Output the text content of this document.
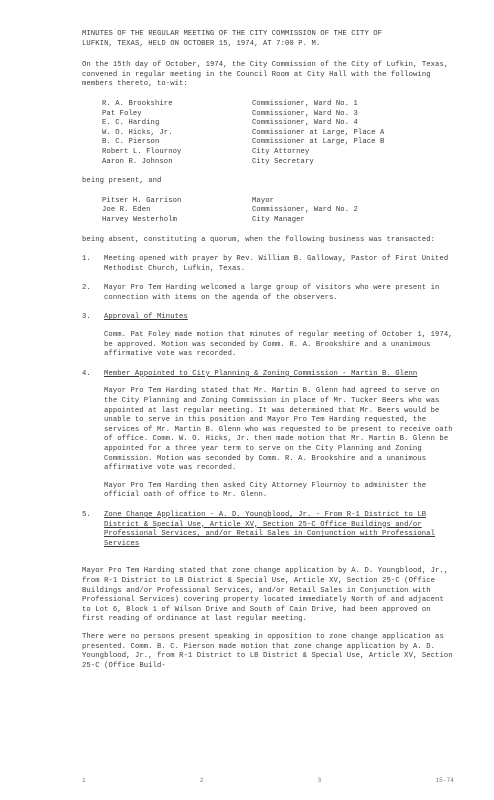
MINUTES OF THE REGULAR MEETING OF THE CITY COMMISSION OF THE CITY OF
LUFKIN, TEXAS, HELD ON OCTOBER 15, 1974, AT 7:00 P. M.

On the 15th day of October, 1974, the City Commission of the City of Lufkin, Texas, convened in regular meeting in the Council Room at City Hall with the following members thereto, to-wit:

R. A. Brookshire	Commissioner, Ward No. 1
Pat Foley	Commissioner, Ward No. 3
E. C. Harding	Commissioner, Ward No. 4
W. O. Hicks, Jr.	Commissioner at Large, Place A
B. C. Pierson	Commissioner at Large, Place B
Robert L. Flournoy	City Attorney
Aaron R. Johnson	City Secretary

being present, and

Pitser H. Garrison	Mayor
Joe R. Eden	Commissioner, Ward No. 2
Harvey Westerholm	City Manager

being absent, constituting a quorum, when the following business was transacted:

1.	Meeting opened with prayer by Rev. William B. Galloway, Pastor of First United Methodist Church, Lufkin, Texas.
2.	Mayor Pro Tem Harding welcomed a large group of visitors who were present in connection with items on the agenda of the observers.
3.	Approval of Minutes
Comm. Pat Foley made motion that minutes of regular meeting of October 1, 1974, be approved. Motion was seconded by Comm. R. A. Brookshire and a unanimous affirmative vote was recorded.
4.	Member Appointed to City Planning & Zoning Commission - Martin B. Glenn
Mayor Pro Tem Harding stated that Mr. Martin B. Glenn had agreed to serve on the City Planning and Zoning Commission in place of Mr. Tucker Beers who was appointed at last regular meeting. It was determined that Mr. Beers would be unable to serve in this position and Mayor Pro Tem Harding requested, the services of Mr. Martin B. Glenn who was requested to be present to receive oath of office. Comm. W. O. Hicks, Jr. then made motion that Mr. Martin B. Glenn be appointed for a three year term to serve on the City Planning and Zoning Commission. Motion was seconded by Comm. R. A. Brookshire and a unanimous affirmative vote was recorded.
Mayor Pro Tem Harding then asked City Attorney Flournoy to administer the official oath of office to Mr. Glenn.
5.	Zone Change Application - A. D. Youngblood, Jr. - From R-1 District to LB District & Special Use, Article XV, Section 25-C Office Buildings and/or Professional Services, and/or Retail Sales in Conjunction with Professional Services
Mayor Pro Tem Harding stated that zone change application by A. D. Youngblood, Jr., from R-1 District to LB District & Special Use, Article XV, Section 25-C (Office Buildings and/or Professional Services, and/or Retail Sales in Conjunction with Professional Services) covering property located immediately North of and adjacent to Lot 6, Block 1 of Wilson Drive and South of Cain Drive, had been approved on first reading of ordinance at last regular meeting.
There were no persons present speaking in opposition to zone change application as presented. Comm. B. C. Pierson made motion that zone change application by A. D. Youngblood, Jr., from R-1 District to LB District & Special Use, Article XV, Section 25-C (Office Build-
1	2	3	15-74
